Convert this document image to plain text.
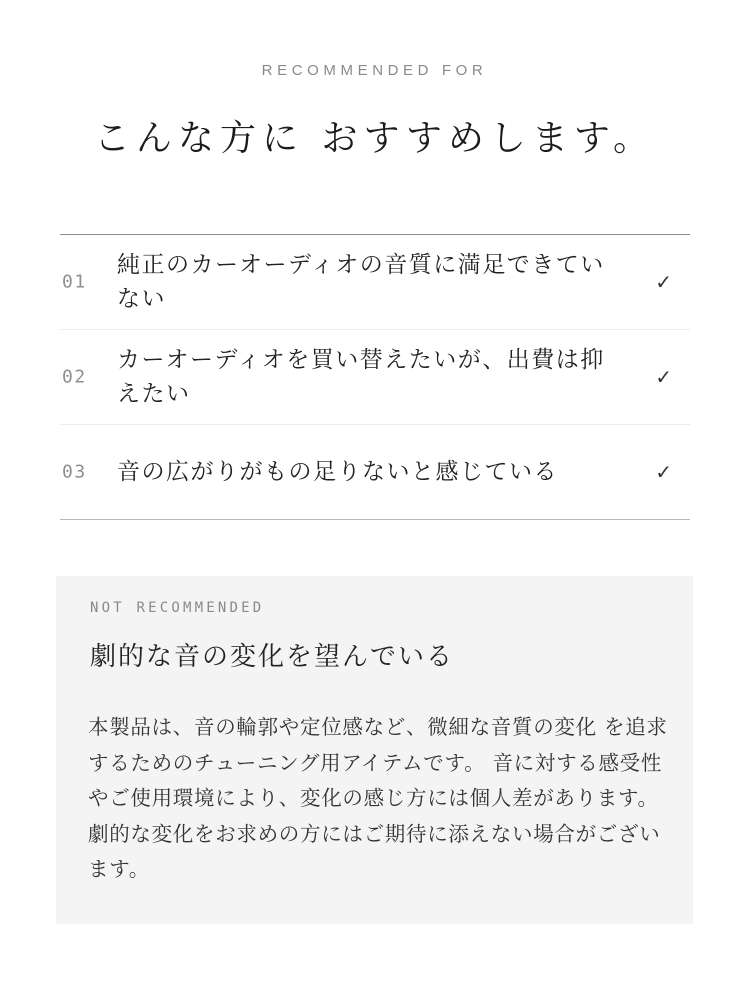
RECOMMENDED FOR
こんな方に おすすめします。
01
純正のカーオーディオの音質に満足できていない
✓
02
カーオーディオを買い替えたいが、出費は抑えたい
✓
03 音の広がりがもの足りないと感じている	✓
NOT RECOMMENDED
劇的な音の変化を望んでいる
本製品は、音の輪郭や定位感など、微細な音質の変化 を追求するためのチューニング用アイテムです。 音に対する感受性やご使用環境により、変化の感じ方には個人差があります。 劇的な変化をお求めの方にはご期待に添えない場合がございます。
